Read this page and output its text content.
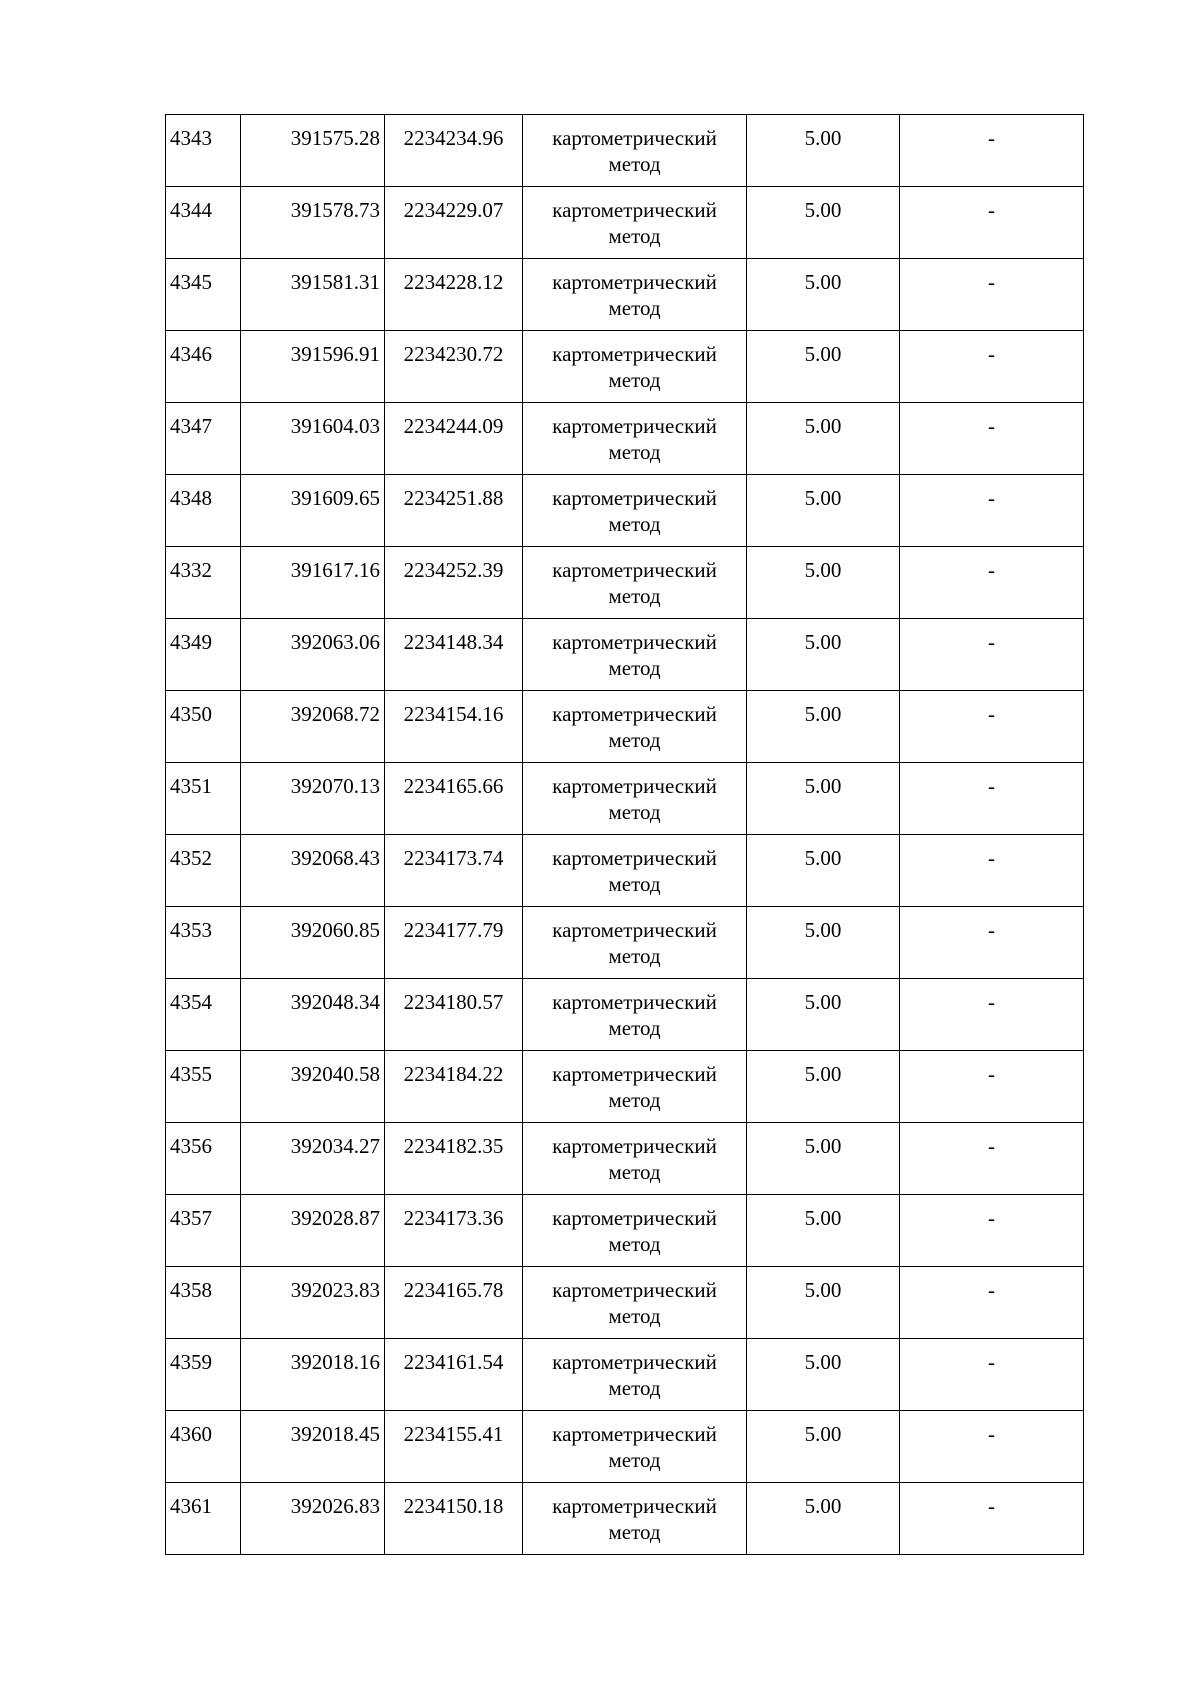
4343	391575.28	2234234.96	картометрический метод	5.00	-
4344	391578.73	2234229.07	картометрический метод	5.00	-
4345	391581.31	2234228.12	картометрический метод	5.00	-
4346	391596.91	2234230.72	картометрический метод	5.00	-
4347	391604.03	2234244.09	картометрический метод	5.00	-
4348	391609.65	2234251.88	картометрический метод	5.00	-
4332	391617.16	2234252.39	картометрический метод	5.00	-
4349	392063.06	2234148.34	картометрический метод	5.00	-
4350	392068.72	2234154.16	картометрический метод	5.00	-
4351	392070.13	2234165.66	картометрический метод	5.00	-
4352	392068.43	2234173.74	картометрический метод	5.00	-
4353	392060.85	2234177.79	картометрический метод	5.00	-
4354	392048.34	2234180.57	картометрический метод	5.00	-
4355	392040.58	2234184.22	картометрический метод	5.00	-
4356	392034.27	2234182.35	картометрический метод	5.00	-
4357	392028.87	2234173.36	картометрический метод	5.00	-
4358	392023.83	2234165.78	картометрический метод	5.00	-
4359	392018.16	2234161.54	картометрический метод	5.00	-
4360	392018.45	2234155.41	картометрический метод	5.00	-
4361	392026.83	2234150.18	картометрический метод	5.00	-
